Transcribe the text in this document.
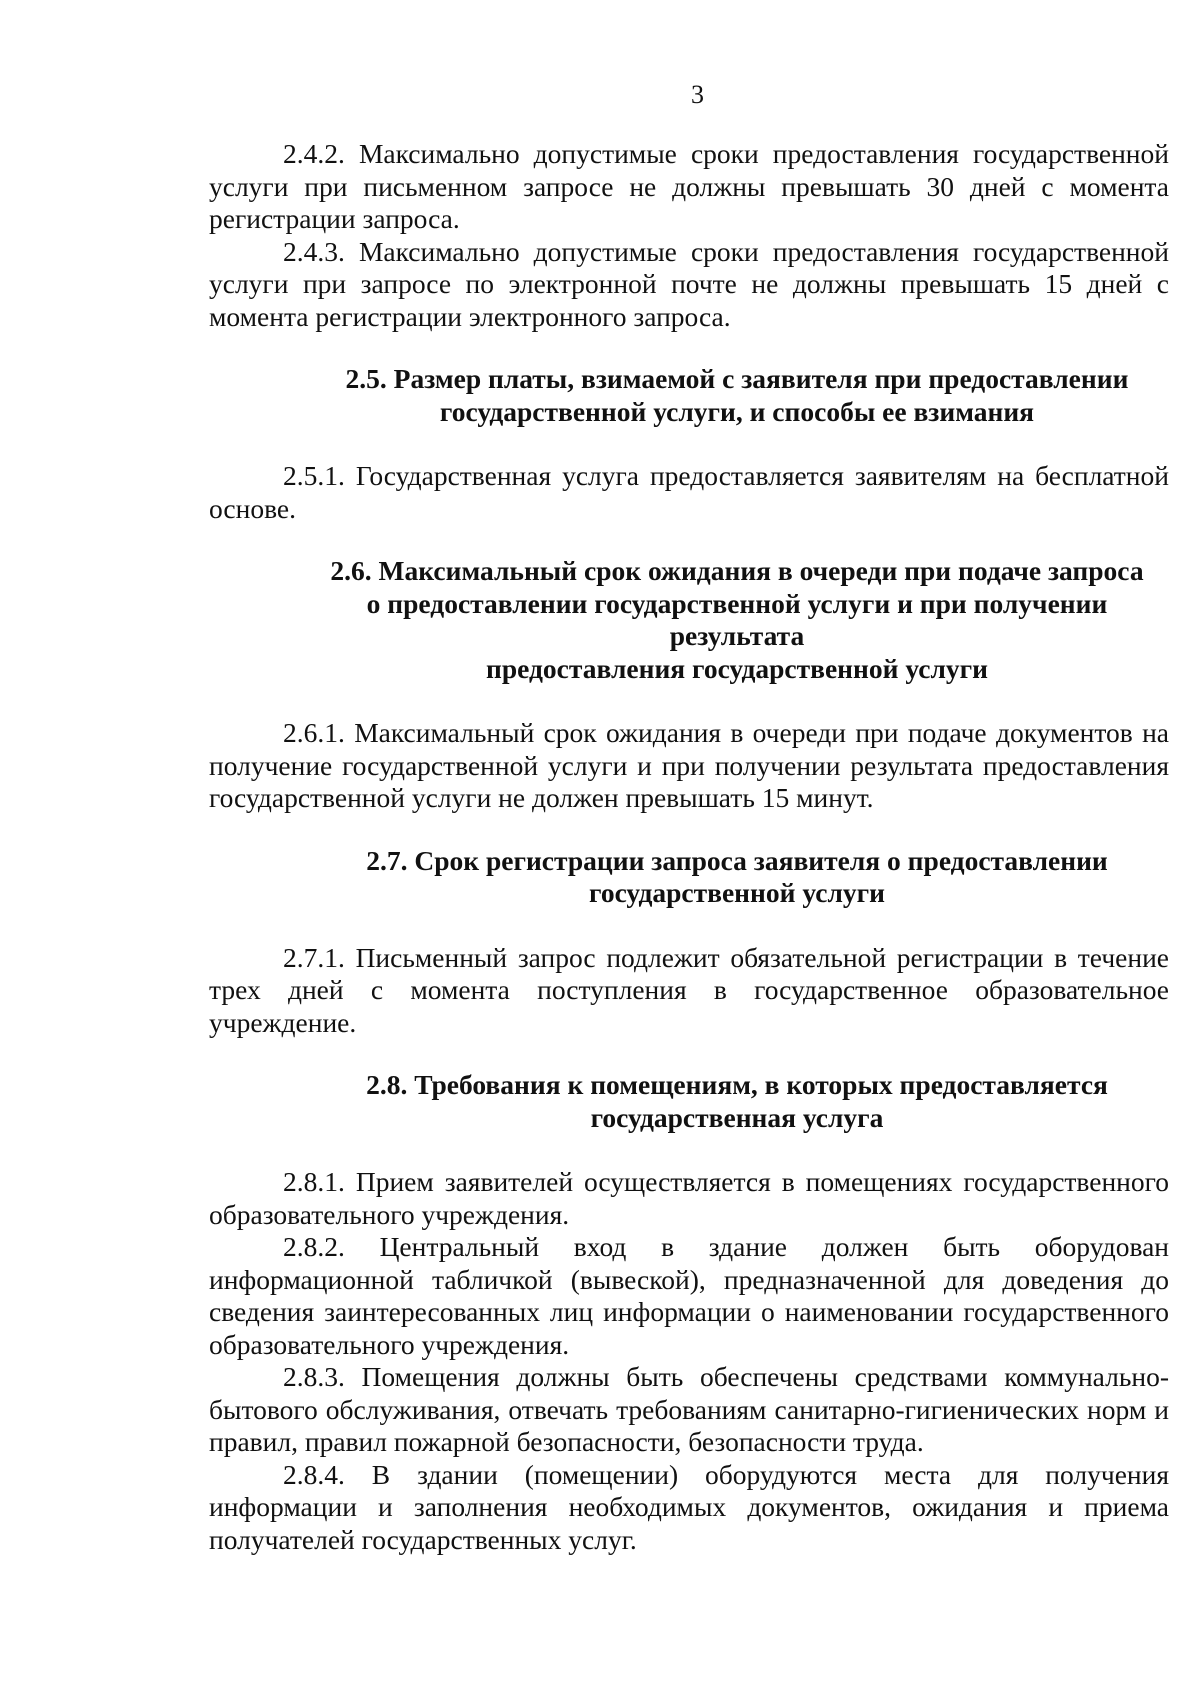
3

2.4.2. Максимально допустимые сроки предоставления государственной услуги при письменном запросе не должны превышать 30 дней с момента регистрации запроса.

2.4.3. Максимально допустимые сроки предоставления государственной услуги при запросе по электронной почте не должны превышать 15 дней с момента регистрации электронного запроса.

2.5. Размер платы, взимаемой с заявителя при предоставлении
государственной услуги, и способы ее взимания

2.5.1. Государственная услуга предоставляется заявителям на бесплатной основе.

2.6. Максимальный срок ожидания в очереди при подаче запроса
о предоставлении государственной услуги и при получении результата
предоставления государственной услуги

2.6.1. Максимальный срок ожидания в очереди при подаче документов на получение государственной услуги и при получении результата предоставления государственной услуги не должен превышать 15 минут.

2.7. Срок регистрации запроса заявителя о предоставлении
государственной услуги

2.7.1. Письменный запрос подлежит обязательной регистрации в течение трех дней с момента поступления в государственное образовательное учреждение.

2.8. Требования к помещениям, в которых предоставляется
государственная услуга

2.8.1. Прием заявителей осуществляется в помещениях государственного образовательного учреждения.

2.8.2. Центральный вход в здание должен быть оборудован информационной табличкой (вывеской), предназначенной для доведения до сведения заинтересованных лиц информации о наименовании государственного образовательного учреждения.

2.8.3. Помещения должны быть обеспечены средствами коммунально-бытового обслуживания, отвечать требованиям санитарно-гигиенических норм и правил, правил пожарной безопасности, безопасности труда.

2.8.4. В здании (помещении) оборудуются места для получения информации и заполнения необходимых документов, ожидания и приема получателей государственных услуг.
